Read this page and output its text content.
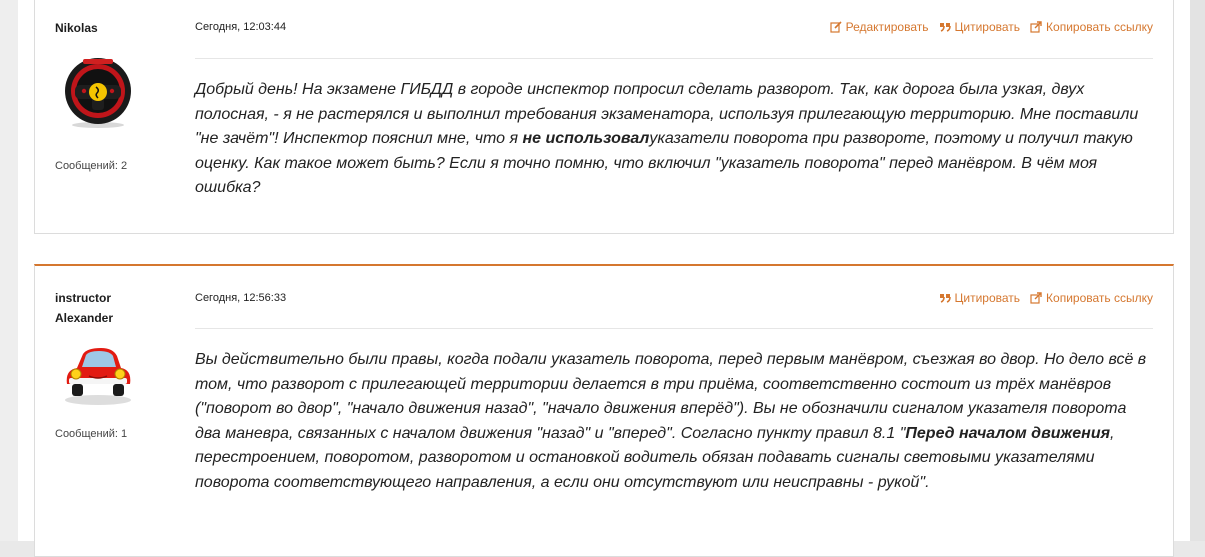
Nikolas
Сообщений: 2
Сегодня, 12:03:44	Редактировать Цитировать Копировать ссылку
Добрый день! На экзамене ГИБДД в городе инспектор попросил сделать разворот. Так, как дорога была узкая, двух полосная, - я не растерялся и выполнил требования экзаменатора, используя прилегающую территорию. Мне поставили "не зачёт"! Инспектор пояснил мне, что я не использовалуказатели поворота при развороте, поэтому и получил такую оценку. Как такое может быть? Если я точно помню, что включил "указатель поворота" перед манёвром. В чём моя ошибка?
instructor
Alexander
Сообщений: 1
Сегодня, 12:56:33	Цитировать Копировать ссылку
Вы действительно были правы, когда подали указатель поворота, перед первым манёвром, съезжая во двор. Но дело всё в том, что разворот с прилегающей территории делается в три приёма, соответственно состоит из трёх манёвров ("поворот во двор", "начало движения назад", "начало движения вперёд"). Вы не обозначили сигналом указателя поворота два маневра, связанных с началом движения "назад" и "вперед". Согласно пункту правил 8.1 "Перед началом движения, перестроением, поворотом, разворотом и остановкой водитель обязан подавать сигналы световыми указателями поворота соответствующего направления, а если они отсутствуют или неисправны - рукой".
